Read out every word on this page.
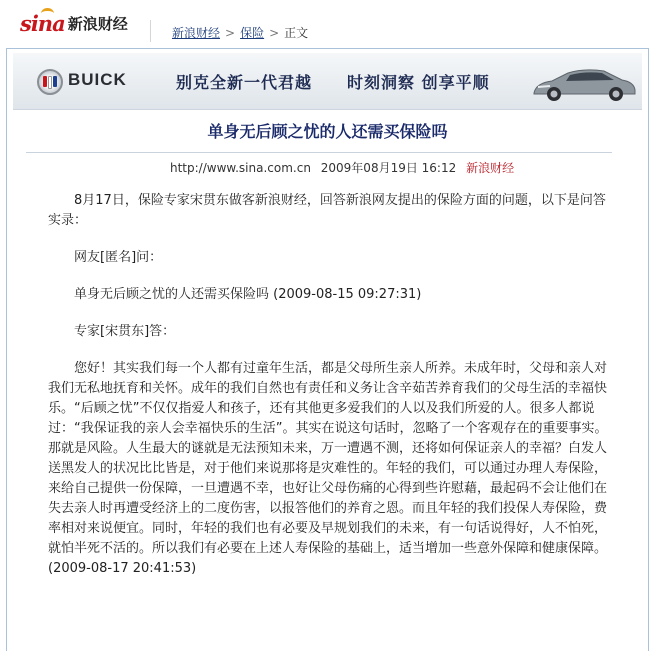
sina 新浪财经	新浪财经 > 保险 > 正文
BUICK	别克全新一代君越 时刻洞察 创享平顺
单身无后顾之忧的人还需买保险吗
http://www.sina.com.cn 2009年08月19日 16:12 新浪财经

8月17日，保险专家宋贯东做客新浪财经，回答新浪网友提出的保险方面的问题，以下是问答实录：

网友[匿名]问：

单身无后顾之忧的人还需买保险吗 (2009-08-15 09:27:31)

专家[宋贯东]答：

您好！其实我们每一个人都有过童年生活，都是父母所生亲人所养。未成年时，父母和亲人对我们无私地抚育和关怀。成年的我们自然也有责任和义务让含辛茹苦养育我们的父母生活的幸福快乐。“后顾之忧”不仅仅指爱人和孩子，还有其他更多爱我们的人以及我们所爱的人。很多人都说过：“我保证我的亲人会幸福快乐的生活”。其实在说这句话时，忽略了一个客观存在的重要事实。那就是风险。人生最大的谜就是无法预知未来，万一遭遇不测，还将如何保证亲人的幸福？白发人送黑发人的状况比比皆是，对于他们来说那将是灾难性的。年轻的我们，可以通过办理人寿保险，来给自己提供一份保障，一旦遭遇不幸，也好让父母伤痛的心得到些许慰藉，最起码不会让他们在失去亲人时再遭受经济上的二度伤害，以报答他们的养育之恩。而且年轻的我们投保人寿保险，费率相对来说便宜。同时，年轻的我们也有必要及早规划我们的未来，有一句话说得好，人不怕死，就怕半死不活的。所以我们有必要在上述人寿保险的基础上，适当增加一些意外保障和健康保障。(2009-08-17 20:41:53)
